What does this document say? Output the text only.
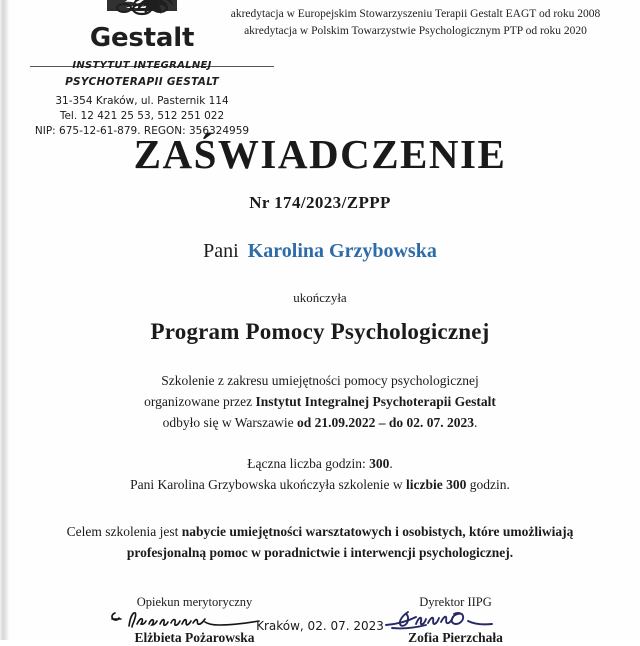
Gestalt
INSTYTUT INTEGRALNEJ
PSYCHOTERAPII GESTALT
31-354 Kraków, ul. Pasternik 114
Tel. 12 421 25 53, 512 251 022
NIP: 675-12-61-879. REGON: 356324959
akredytacja w Europejskim Stowarzyszeniu Terapii Gestalt EAGT od roku 2008
akredytacja w Polskim Towarzystwie Psychologicznym PTP od roku 2020
ZAŚWIADCZENIE
Nr 174/2023/ZPPP
Pani Karolina Grzybowska
ukończyła
Program Pomocy Psychologicznej
Szkolenie z zakresu umiejętności pomocy psychologicznej
organizowane przez Instytut Integralnej Psychoterapii Gestalt
odbyło się w Warszawie od 21.09.2022 – do 02. 07. 2023.
Łączna liczba godzin: 300.
Pani Karolina Grzybowska ukończyła szkolenie w liczbie 300 godzin.
Celem szkolenia jest nabycie umiejętności warsztatowych i osobistych, które umożliwiają profesjonalną pomoc w poradnictwie i interwencji psychologicznej.
Opiekun merytoryczny
Elżbieta Pożarowska
Dyrektor IIPG
Zofia Pierzchała
Kraków, 02. 07. 2023
